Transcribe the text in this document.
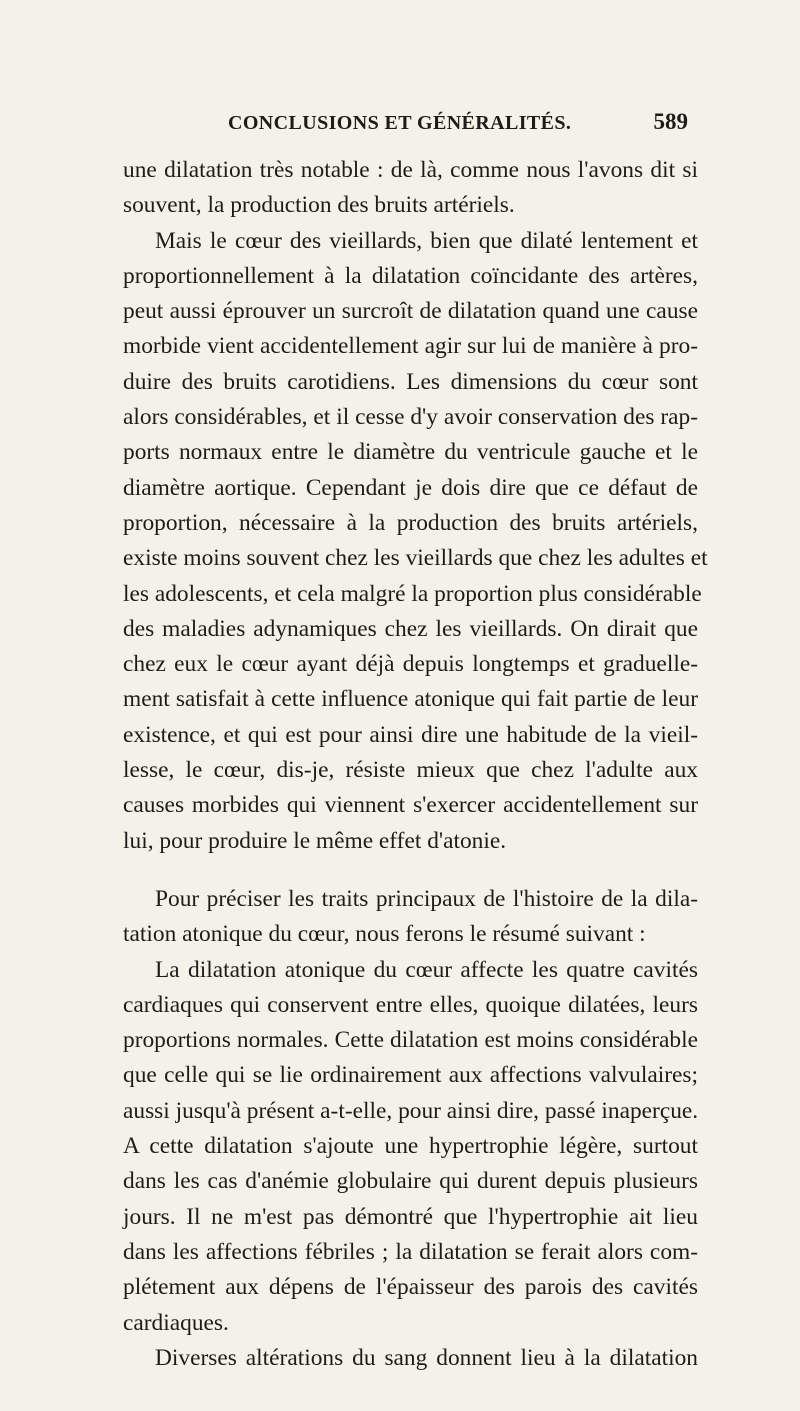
CONCLUSIONS ET GÉNÉRALITÉS.	589
une dilatation très notable : de là, comme nous l'avons dit si
souvent, la production des bruits artériels.
Mais le cœur des vieillards, bien que dilaté lentement et
proportionnellement à la dilatation coïncidante des artères,
peut aussi éprouver un surcroît de dilatation quand une cause
morbide vient accidentellement agir sur lui de manière à pro-
duire des bruits carotidiens. Les dimensions du cœur sont
alors considérables, et il cesse d'y avoir conservation des rap-
ports normaux entre le diamètre du ventricule gauche et le
diamètre aortique. Cependant je dois dire que ce défaut de
proportion, nécessaire à la production des bruits artériels,
existe moins souvent chez les vieillards que chez les adultes et
les adolescents, et cela malgré la proportion plus considérable
des maladies adynamiques chez les vieillards. On dirait que
chez eux le cœur ayant déjà depuis longtemps et graduelle-
ment satisfait à cette influence atonique qui fait partie de leur
existence, et qui est pour ainsi dire une habitude de la vieil-
lesse, le cœur, dis-je, résiste mieux que chez l'adulte aux
causes morbides qui viennent s'exercer accidentellement sur
lui, pour produire le même effet d'atonie.
Pour préciser les traits principaux de l'histoire de la dila-
tation atonique du cœur, nous ferons le résumé suivant :
La dilatation atonique du cœur affecte les quatre cavités
cardiaques qui conservent entre elles, quoique dilatées, leurs
proportions normales. Cette dilatation est moins considérable
que celle qui se lie ordinairement aux affections valvulaires;
aussi jusqu'à présent a-t-elle, pour ainsi dire, passé inaperçue.
A cette dilatation s'ajoute une hypertrophie légère, surtout
dans les cas d'anémie globulaire qui durent depuis plusieurs
jours. Il ne m'est pas démontré que l'hypertrophie ait lieu
dans les affections fébriles ; la dilatation se ferait alors com-
plétement aux dépens de l'épaisseur des parois des cavités
cardiaques.
Diverses altérations du sang donnent lieu à la dilatation
